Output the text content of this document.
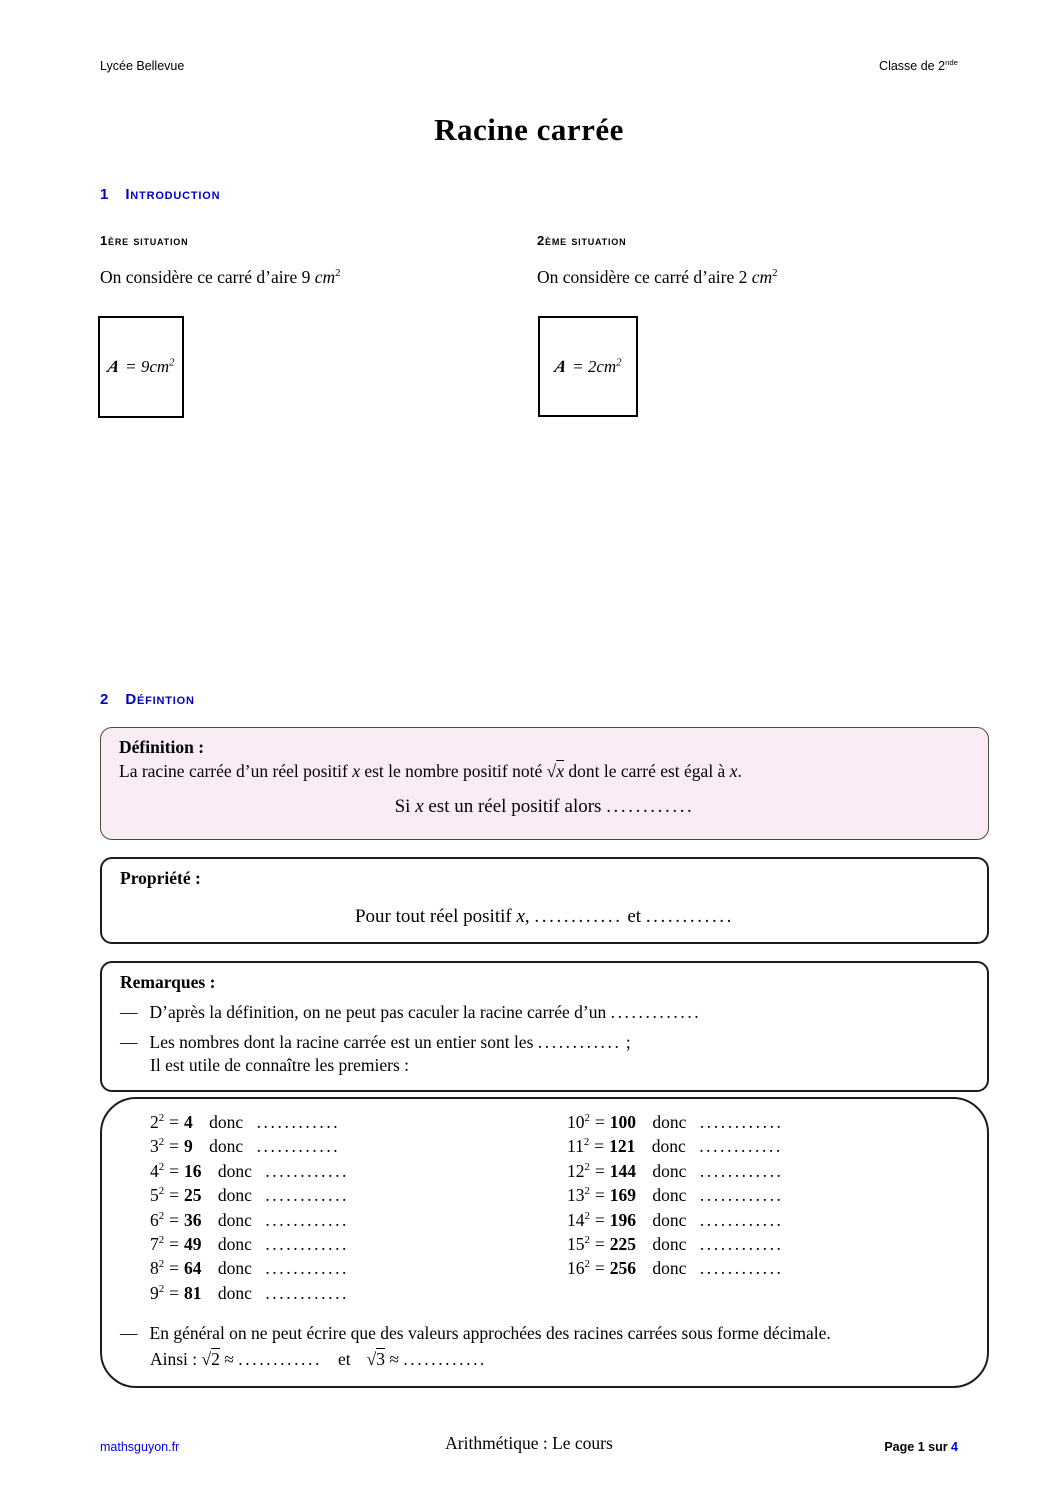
Lycée Bellevue	Classe de 2nde
Racine carrée
1 Introduction
1ère situation	2ème situation
On considère ce carré d’aire 9 $cm^2$	On considère ce carré d’aire 2 $cm^2$
$A = 9cm^2$	$A = 2cm^2$
2 Défintion
Définition :
La racine carrée d’un réel positif x est le nombre positif noté √x dont le carré est égal à x.
Si x est un réel positif alors ............
Propriété :
Pour tout réel positif x, ............ et ............
Remarques :
— D’après la définition, on ne peut pas caculer la racine carrée d’un .............
— Les nombres dont la racine carrée est un entier sont les ............ ;
Il est utile de connaître les premiers :
$2^2 = 4$ donc ............
$3^2 = 9$ donc ............
$4^2 = 16$ donc ............
$5^2 = 25$ donc ............
$6^2 = 36$ donc ............
$7^2 = 49$ donc ............
$8^2 = 64$ donc ............
$9^2 = 81$ donc ............
$10^2 = 100$ donc ............
$11^2 = 121$ donc ............
$12^2 = 144$ donc ............
$13^2 = 169$ donc ............
$14^2 = 196$ donc ............
$15^2 = 225$ donc ............
$16^2 = 256$ donc ............
— En général on ne peut écrire que des valeurs approchées des racines carrées sous forme décimale.
Ainsi : √2 ≈ ............ et √3 ≈ ............
mathsguyon.fr	Arithmétique : Le cours	Page 1 sur 4
